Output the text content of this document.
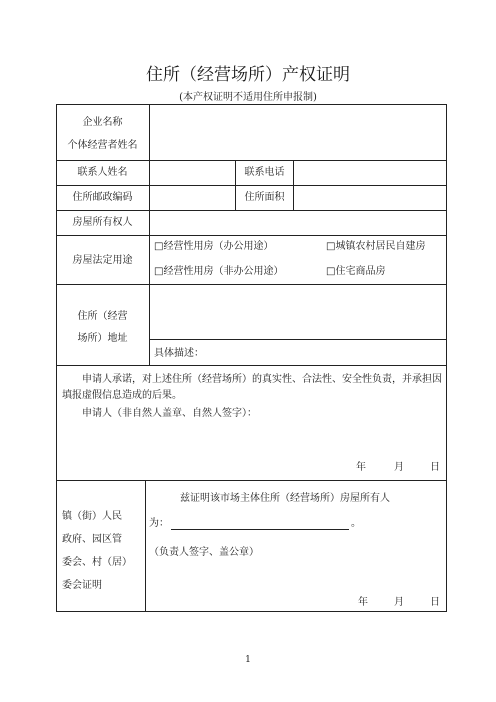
住所（经营场所）产权证明
(本产权证明不适用住所申报制)
企业名称
个体经营者姓名
联系人姓名	联系电话
住所邮政编码	住所面积
房屋所有权人
房屋法定用途
□经营性用房（办公用途）	□城镇农村居民自建房
□经营性用房（非办公用途）	□住宅商品房
住所（经营
场所）地址
具体描述：
申请人承诺，对上述住所（经营场所）的真实性、合法性、安全性负责，并承担因填报虚假信息造成的后果。
申请人（非自然人盖章、自然人签字）：
年	月	日
镇（街）人民
政府、园区管
委会、村（居）
委会证明
兹证明该市场主体住所（经营场所）房屋所有人
为：	。
（负责人签字、盖公章）
年	月	日
1
